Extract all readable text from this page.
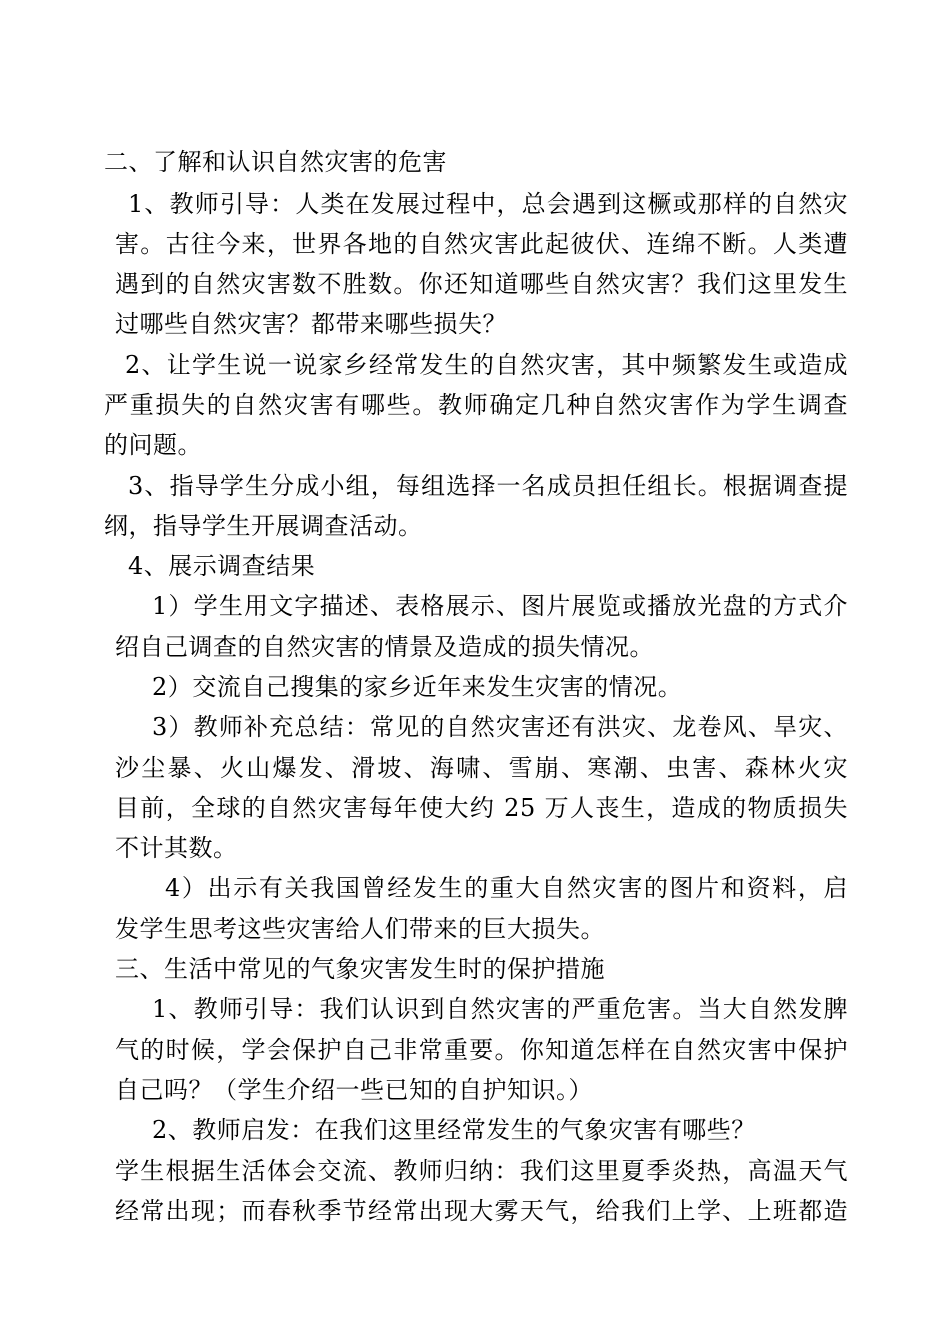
二、了解和认识自然灾害的危害
1、教师引导：人类在发展过程中，总会遇到这橛或那样的自然灾
害。古往今来，世界各地的自然灾害此起彼伏、连绵不断。人类遭
遇到的自然灾害数不胜数。你还知道哪些自然灾害？我们这里发生
过哪些自然灾害？都带来哪些损失？
2、让学生说一说家乡经常发生的自然灾害，其中频繁发生或造成
严重损失的自然灾害有哪些。教师确定几种自然灾害作为学生调查
的问题。
3、指导学生分成小组，每组选择一名成员担任组长。根据调查提
纲，指导学生开展调查活动。
4、展示调查结果
1）学生用文字描述、表格展示、图片展览或播放光盘的方式介
绍自己调查的自然灾害的情景及造成的损失情况。
2）交流自己搜集的家乡近年来发生灾害的情况。
3）教师补充总结：常见的自然灾害还有洪灾、龙卷风、旱灾、
沙尘暴、火山爆发、滑坡、海啸、雪崩、寒潮、虫害、森林火灾
目前，全球的自然灾害每年使大约 25 万人丧生，造成的物质损失
不计其数。
4）出示有关我国曾经发生的重大自然灾害的图片和资料，启
发学生思考这些灾害给人们带来的巨大损失。
三、生活中常见的气象灾害发生时的保护措施
1、教师引导：我们认识到自然灾害的严重危害。当大自然发脾
气的时候，学会保护自己非常重要。你知道怎样在自然灾害中保护
自己吗？（学生介绍一些已知的自护知识。）
2、教师启发：在我们这里经常发生的气象灾害有哪些？
学生根据生活体会交流、教师归纳：我们这里夏季炎热，高温天气
经常出现；而春秋季节经常出现大雾天气，给我们上学、上班都造
